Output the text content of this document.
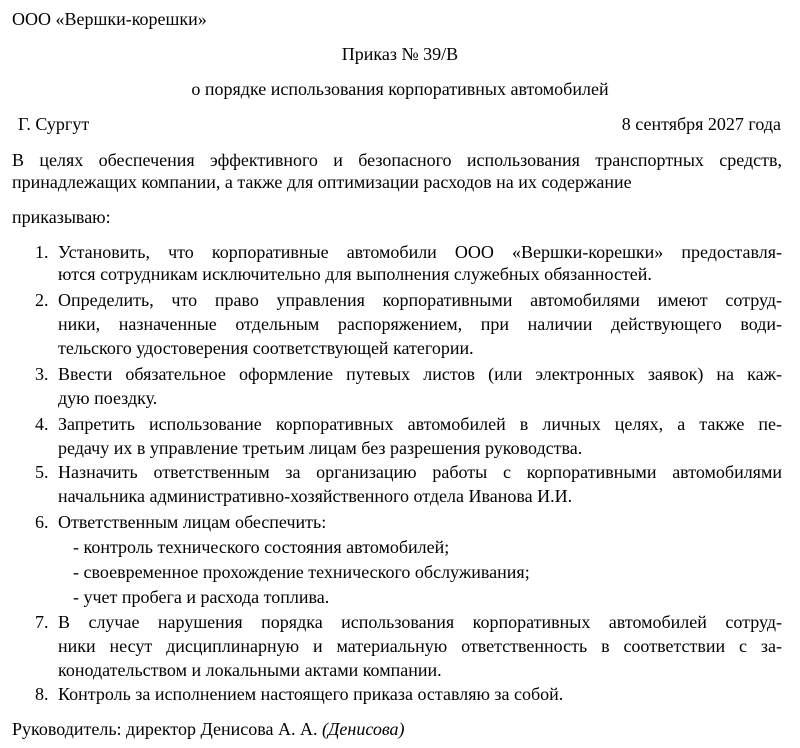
ООО «Вершки-корешки»
Приказ № 39/В
о порядке использования корпоративных автомобилей
Г. Сургут	8 сентября 2027 года
В целях обеспечения эффективного и безопасного использования транспортных средств,
принадлежащих компании, а также для оптимизации расходов на их содержание
приказываю:
1. Установить, что корпоративные автомобили ООО «Вершки-корешки» предоставля-
ются сотрудникам исключительно для выполнения служебных обязанностей.
2. Определить, что право управления корпоративными автомобилями имеют сотруд-
ники, назначенные отдельным распоряжением, при наличии действующего води-
тельского удостоверения соответствующей категории.
3. Ввести обязательное оформление путевых листов (или электронных заявок) на каж-
дую поездку.
4. Запретить использование корпоративных автомобилей в личных целях, а также пе-
редачу их в управление третьим лицам без разрешения руководства.
5. Назначить ответственным за организацию работы с корпоративными автомобилями
начальника административно-хозяйственного отдела Иванова И.И.
6. Ответственным лицам обеспечить:
- контроль технического состояния автомобилей;
- своевременное прохождение технического обслуживания;
- учет пробега и расхода топлива.
7. В случае нарушения порядка использования корпоративных автомобилей сотруд-
ники несут дисциплинарную и материальную ответственность в соответствии с за-
конодательством и локальными актами компании.
8. Контроль за исполнением настоящего приказа оставляю за собой.
Руководитель: директор Денисова А. А. (Денисова)
